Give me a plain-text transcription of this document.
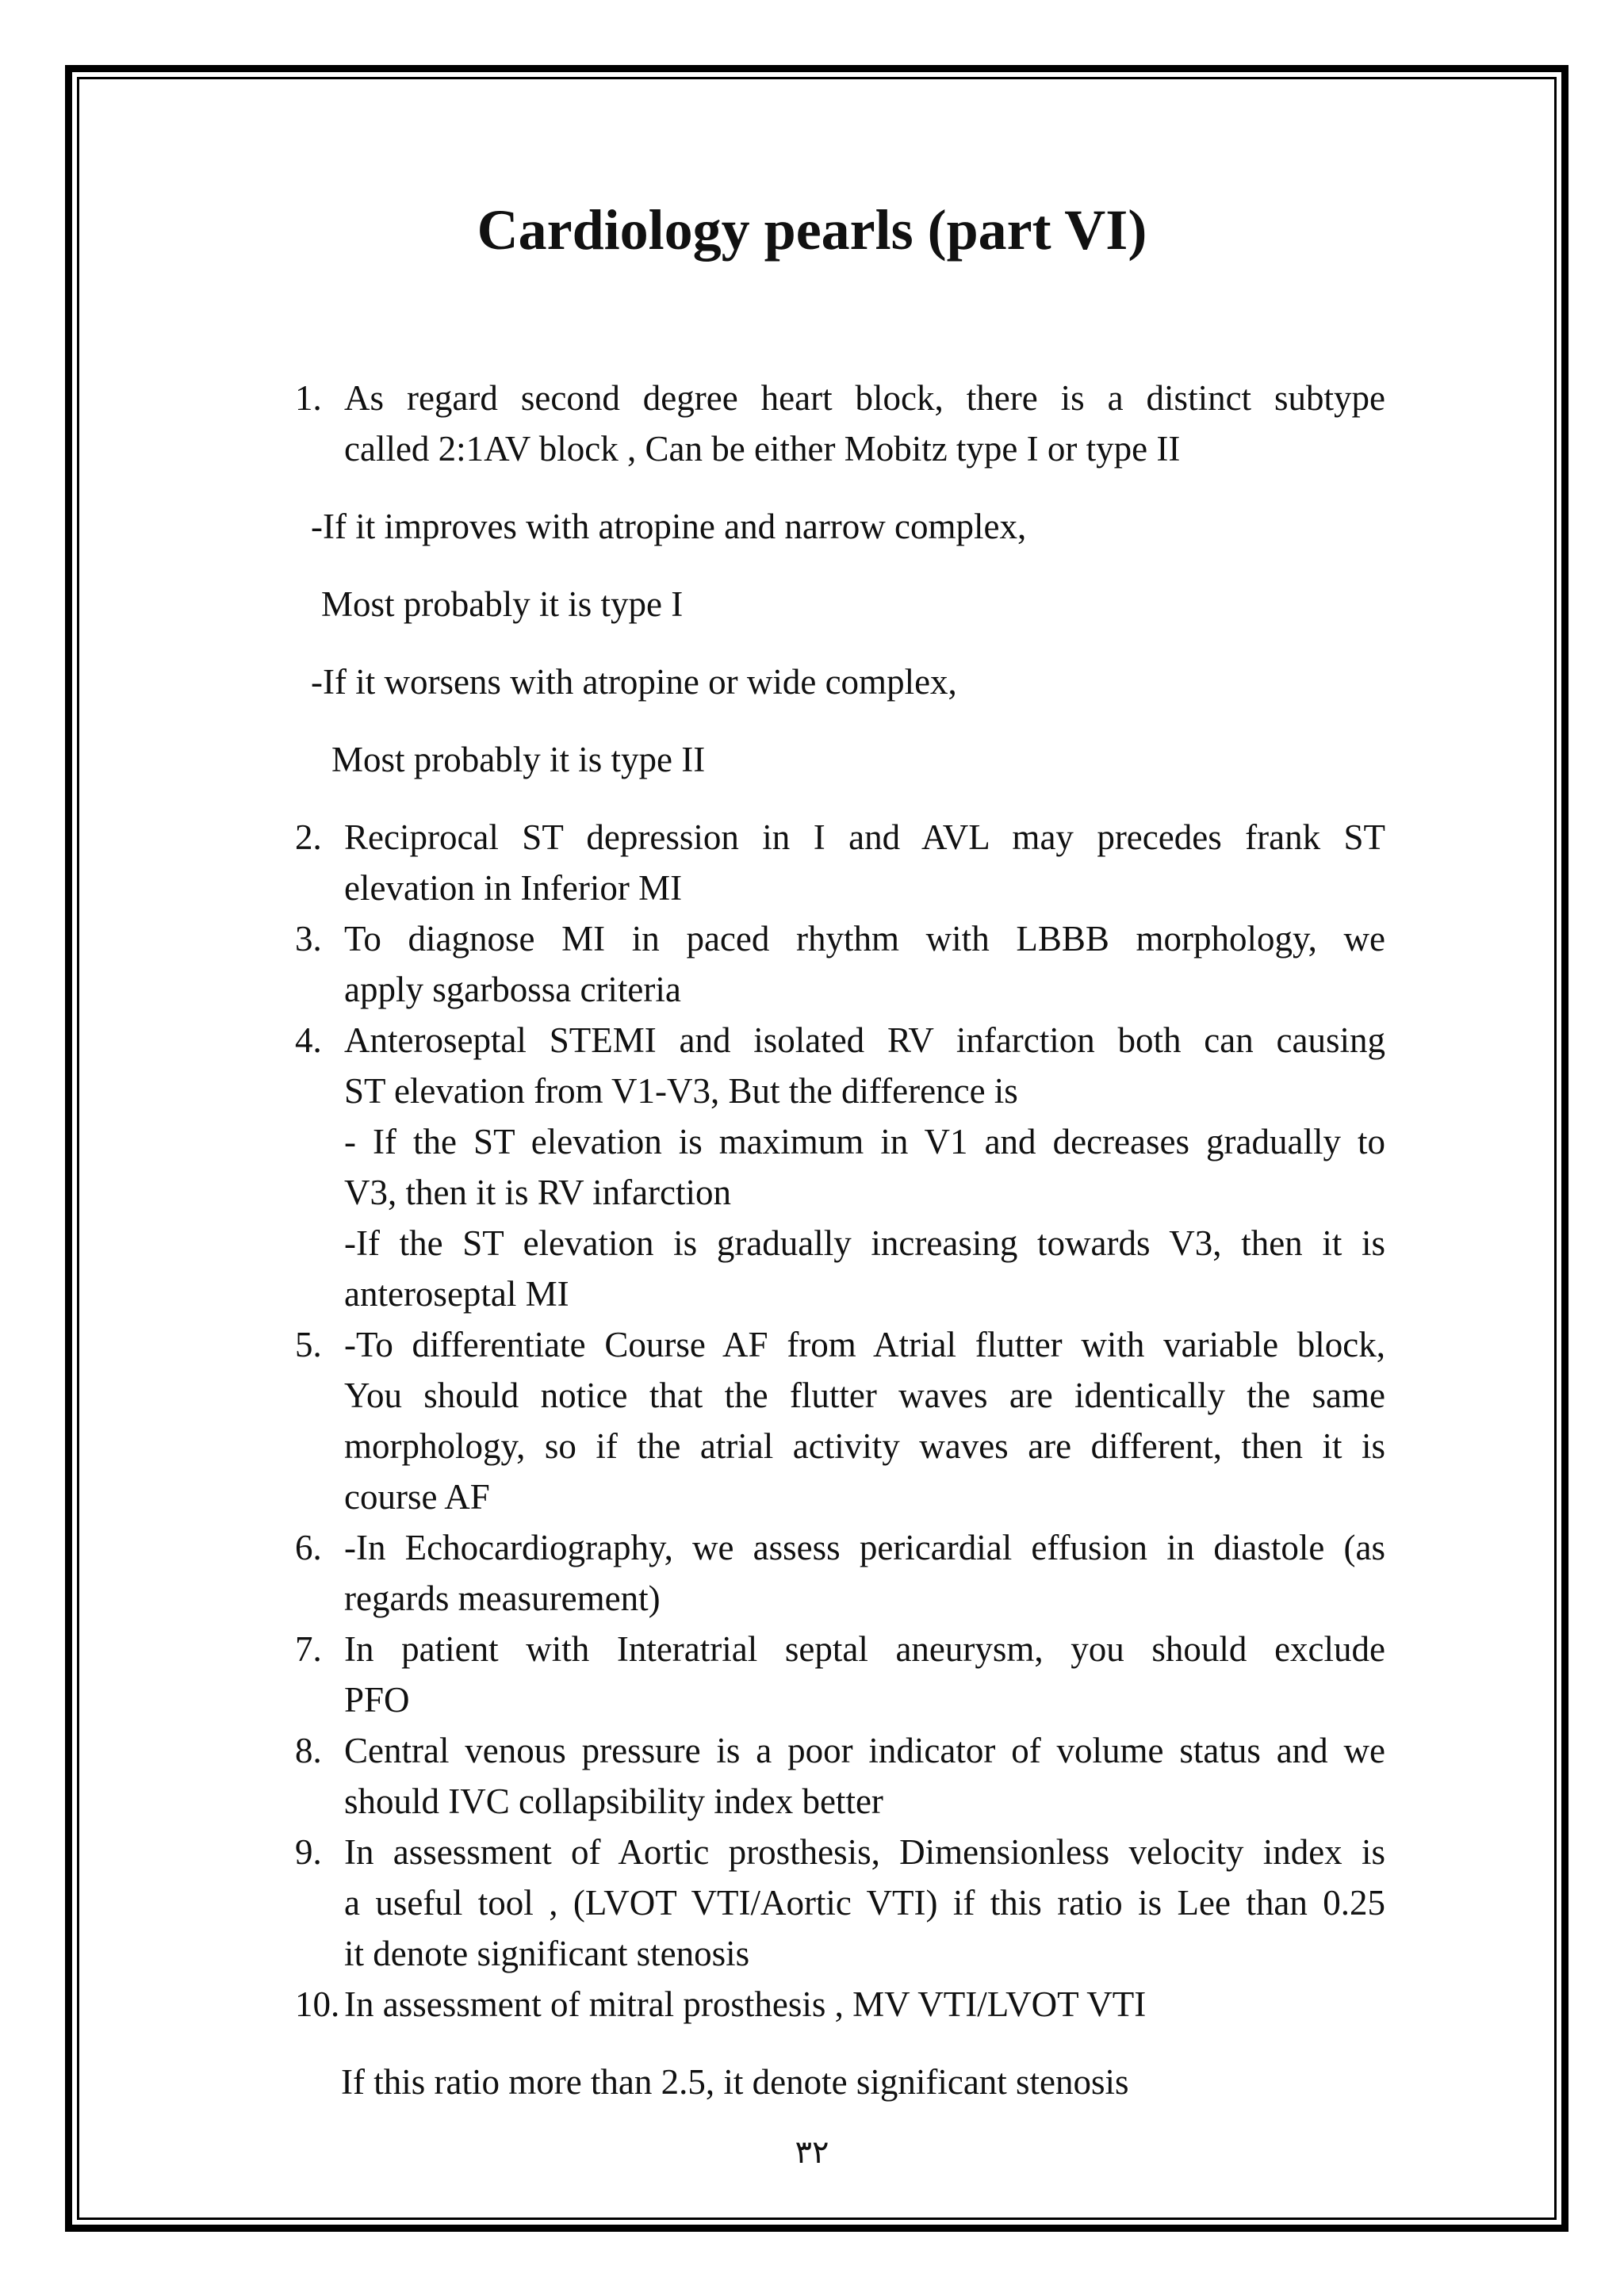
Cardiology pearls (part VI)
1. As regard second degree heart block, there is a distinct subtype
called 2:1AV block , Can be either Mobitz type I or type II
-If it improves with atropine and narrow complex,
Most probably it is type I
-If it worsens with atropine or wide complex,
Most probably it is type II
2. Reciprocal ST depression in I and AVL may precedes frank ST
elevation in Inferior MI
3. To diagnose MI in paced rhythm with LBBB morphology, we
apply sgarbossa criteria
4. Anteroseptal STEMI and isolated RV infarction both can causing
ST elevation from V1-V3, But the difference is
- If the ST elevation is maximum in V1 and decreases gradually to
V3, then it is RV infarction
-If the ST elevation is gradually increasing towards V3, then it is
anteroseptal MI
5. -To differentiate Course AF from Atrial flutter with variable block,
You should notice that the flutter waves are identically the same
morphology, so if the atrial activity waves are different, then it is
course AF
6. -In Echocardiography, we assess pericardial effusion in diastole (as
regards measurement)
7. In patient with Interatrial septal aneurysm, you should exclude
PFO
8. Central venous pressure is a poor indicator of volume status and we
should IVC collapsibility index better
9. In assessment of Aortic prosthesis, Dimensionless velocity index is
a useful tool , (LVOT VTI/Aortic VTI) if this ratio is Lee than 0.25
it denote significant stenosis
10. In assessment of mitral prosthesis , MV VTI/LVOT VTI
If this ratio more than 2.5, it denote significant stenosis
٣٢
